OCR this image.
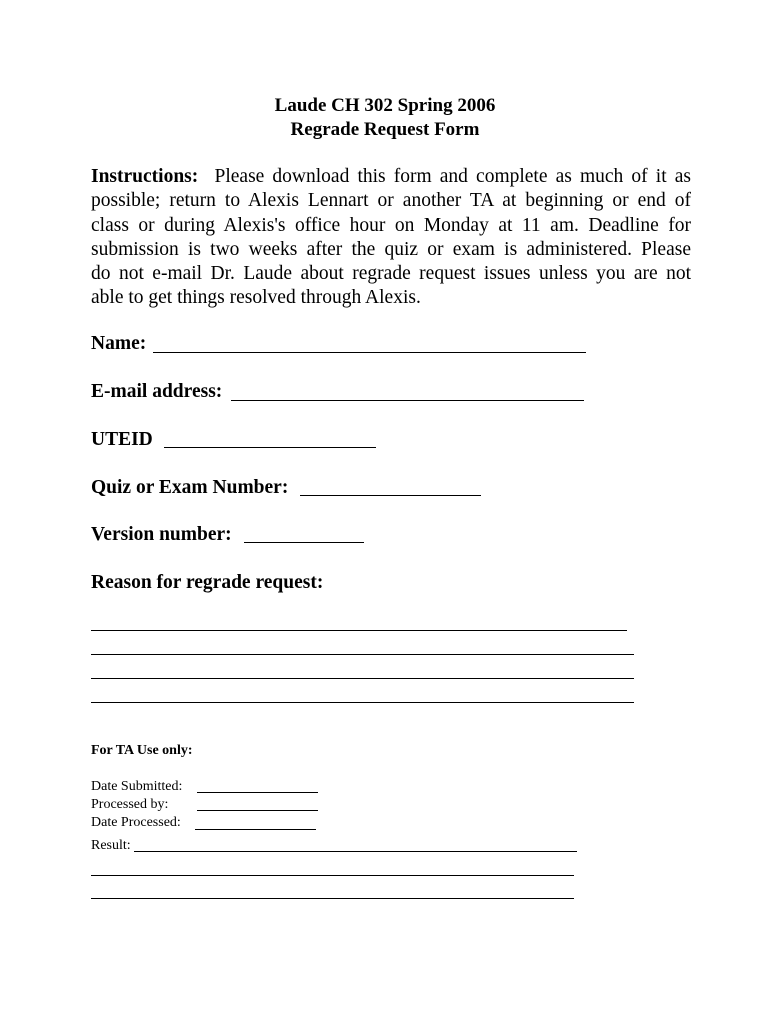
Laude CH 302 Spring 2006
Regrade Request Form
Instructions: Please download this form and complete as much of it as
possible; return to Alexis Lennart or another TA at beginning or end of
class or during Alexis's office hour on Monday at 11 am. Deadline for
submission is two weeks after the quiz or exam is administered. Please
do not e-mail Dr. Laude about regrade request issues unless you are not
able to get things resolved through Alexis.
Name:
E-mail address:
UTEID
Quiz or Exam Number:
Version number:
Reason for regrade request:
For TA Use only:
Date Submitted:
Processed by:
Date Processed:
Result:
